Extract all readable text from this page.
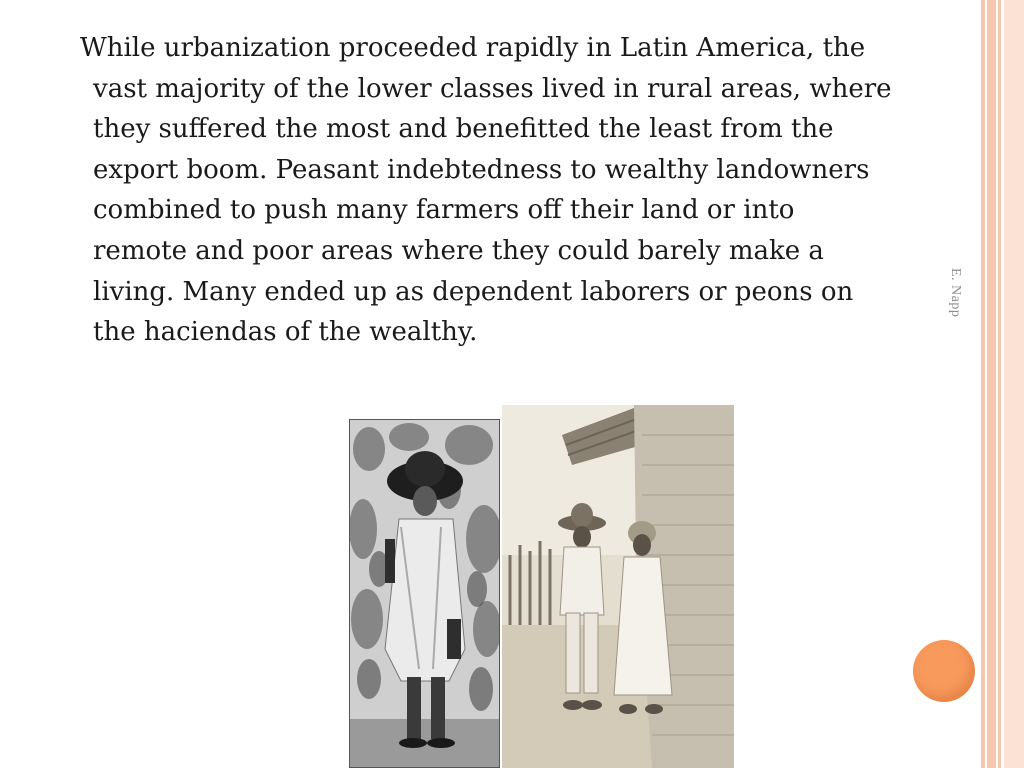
While urbanization proceeded rapidly in Latin America, the vast majority of the lower classes lived in rural areas, where they suffered the most and benefitted the least from the export boom. Peasant indebtedness to wealthy landowners combined to push many farmers off their land or into remote and poor areas where they could barely make a living. Many ended up as dependent laborers or peons on the haciendas of the wealthy.

E. Napp
